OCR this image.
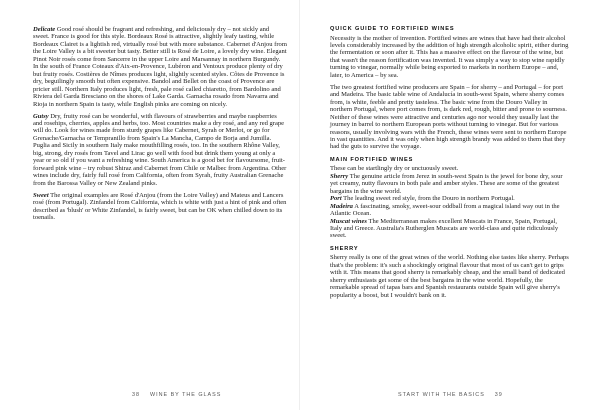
Delicate Good rosé should be fragrant and refreshing, and deliciously dry – not sickly and sweet. France is good for this style. Bordeaux Rosé is attractive, slightly leafy tasting, while Bordeaux Clairet is a lightish red, virtually rosé but with more substance. Cabernet d'Anjou from the Loire Valley is a bit sweeter but tasty. Better still is Rosé de Loire, a lovely dry wine. Elegant Pinot Noir rosés come from Sancerre in the upper Loire and Marsannay in northern Burgundy. In the south of France Coteaux d'Aix-en-Provence, Lubéron and Ventoux produce plenty of dry but fruity rosés. Costières de Nîmes produces light, slightly scented styles. Côtes de Provence is dry, beguilingly smooth but often expensive. Bandol and Bellet on the coast of Provence are pricier still. Northern Italy produces light, fresh, pale rosé called chiaretto, from Bardolino and Riviera del Garda Bresciano on the shores of Lake Garda. Garnacha rosado from Navarra and Rioja in northern Spain is tasty, while English pinks are coming on nicely.

Gutsy Dry, fruity rosé can be wonderful, with flavours of strawberries and maybe raspberries and rosehips, cherries, apples and herbs, too. Most countries make a dry rosé, and any red grape will do. Look for wines made from sturdy grapes like Cabernet, Syrah or Merlot, or go for Grenache/Garnacha or Tempranillo from Spain's La Mancha, Campo de Borja and Jumilla. Puglia and Sicily in southern Italy make mouthfilling rosés, too. In the southern Rhône Valley, big, strong, dry rosés from Tavel and Lirac go well with food but drink them young at only a year or so old if you want a refreshing wine. South America is a good bet for flavoursome, fruit-forward pink wine – try robust Shiraz and Cabernet from Chile or Malbec from Argentina. Other wines include dry, fairly full rosé from California, often from Syrah, fruity Australian Grenache from the Barossa Valley or New Zealand pinks.

Sweet The original examples are Rosé d'Anjou (from the Loire Valley) and Mateus and Lancers rosé (from Portugal). Zinfandel from California, which is white with just a hint of pink and often described as 'blush' or White Zinfandel, is fairly sweet, but can be OK when chilled down to its toenails.

38 WINE BY THE GLASS
QUICK GUIDE TO FORTIFIED WINES

Necessity is the mother of invention. Fortified wines are wines that have had their alcohol levels considerably increased by the addition of high strength alcoholic spirit, either during the fermentation or soon after it. This has a massive effect on the flavour of the wine, but that wasn't the reason fortification was invented. It was simply a way to stop wine rapidly turning to vinegar, normally while being exported to markets in northern Europe – and, later, to America – by sea.

The two greatest fortified wine producers are Spain – for sherry – and Portugal – for port and Madeira. The basic table wine of Andalucía in south-west Spain, where sherry comes from, is white, feeble and pretty tasteless. The basic wine from the Douro Valley in northern Portugal, where port comes from, is dark red, rough, bitter and prone to sourness. Neither of these wines were attractive and centuries ago nor would they usually last the journey in barrel to northern European ports without turning to vinegar. But for various reasons, usually involving wars with the French, these wines were sent to northern Europe in vast quantities. And it was only when high strength brandy was added to them that they had the guts to survive the voyage.

MAIN FORTIFIED WINES

These can be startlingly dry or unctuously sweet.

Sherry The genuine article from Jerez in south-west Spain is the jewel for bone dry, sour yet creamy, nutty flavours in both pale and amber styles. These are some of the greatest bargains in the wine world.

Port The leading sweet red style, from the Douro in northern Portugal.

Madeira A fascinating, smoky, sweet-sour oddball from a magical island way out in the Atlantic Ocean.

Muscat wines The Mediterranean makes excellent Muscats in France, Spain, Portugal, Italy and Greece. Australia's Rutherglen Muscats are world-class and quite ridiculously sweet.

SHERRY

Sherry really is one of the great wines of the world. Nothing else tastes like sherry. Perhaps that's the problem: it's such a shockingly original flavour that most of us can't get to grips with it. This means that good sherry is remarkably cheap, and the small band of dedicated sherry enthusiasts get some of the best bargains in the wine world. Hopefully, the remarkable spread of tapas bars and Spanish restaurants outside Spain will give sherry's popularity a boost, but I wouldn't bank on it.

START WITH THE BASICS 39
